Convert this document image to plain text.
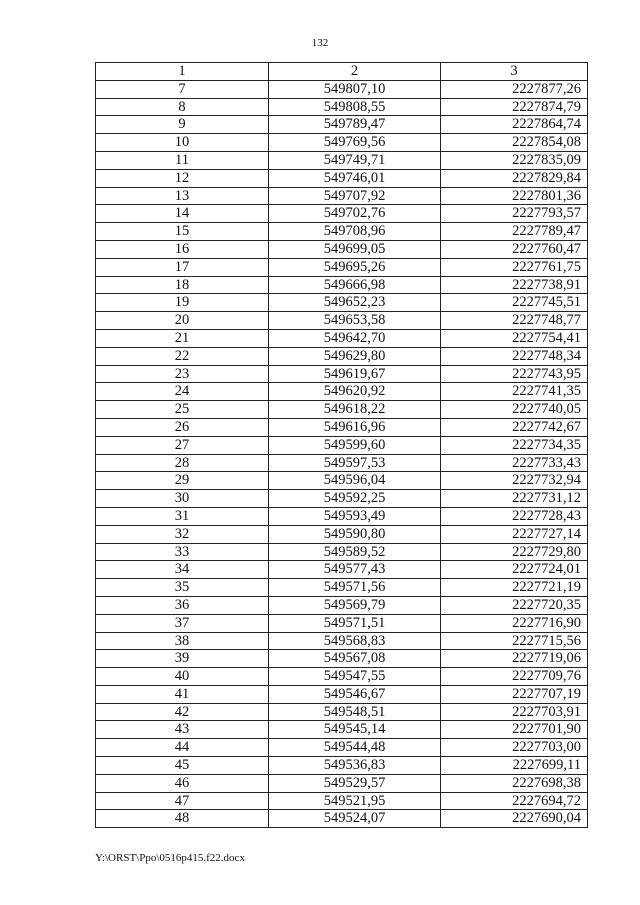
132
1	2	3
7	549807,10	2227877,26
8	549808,55	2227874,79
9	549789,47	2227864,74
10	549769,56	2227854,08
11	549749,71	2227835,09
12	549746,01	2227829,84
13	549707,92	2227801,36
14	549702,76	2227793,57
15	549708,96	2227789,47
16	549699,05	2227760,47
17	549695,26	2227761,75
18	549666,98	2227738,91
19	549652,23	2227745,51
20	549653,58	2227748,77
21	549642,70	2227754,41
22	549629,80	2227748,34
23	549619,67	2227743,95
24	549620,92	2227741,35
25	549618,22	2227740,05
26	549616,96	2227742,67
27	549599,60	2227734,35
28	549597,53	2227733,43
29	549596,04	2227732,94
30	549592,25	2227731,12
31	549593,49	2227728,43
32	549590,80	2227727,14
33	549589,52	2227729,80
34	549577,43	2227724,01
35	549571,56	2227721,19
36	549569,79	2227720,35
37	549571,51	2227716,90
38	549568,83	2227715,56
39	549567,08	2227719,06
40	549547,55	2227709,76
41	549546,67	2227707,19
42	549548,51	2227703,91
43	549545,14	2227701,90
44	549544,48	2227703,00
45	549536,83	2227699,11
46	549529,57	2227698,38
47	549521,95	2227694,72
48	549524,07	2227690,04
Y:\ORST\Ppo\0516p415.f22.docx
